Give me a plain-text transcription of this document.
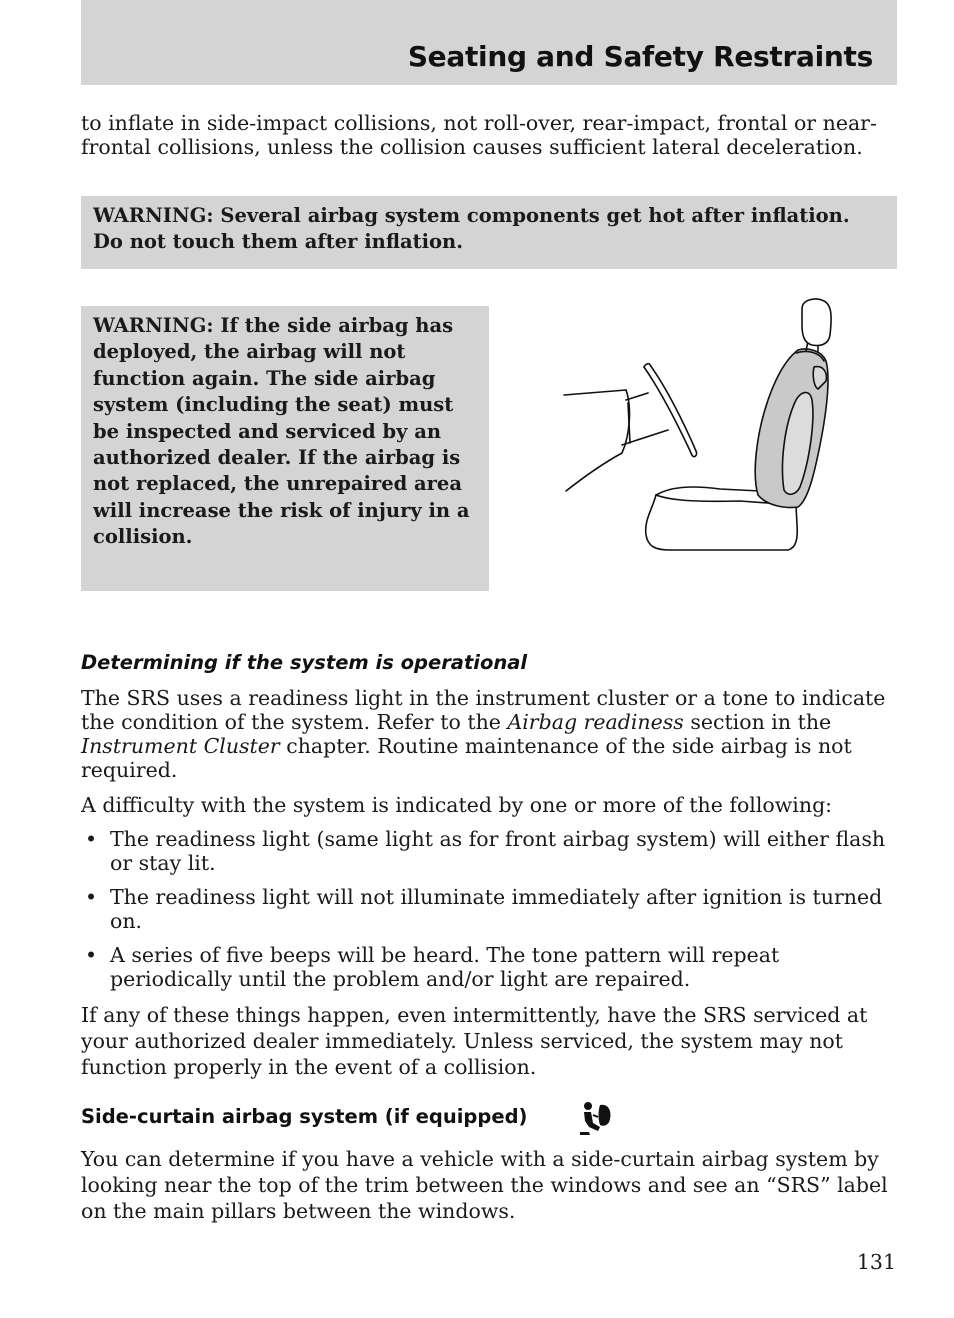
Seating and Safety Restraints

to inflate in side-impact collisions, not roll-over, rear-impact, frontal or near-frontal collisions, unless the collision causes sufficient lateral deceleration.

WARNING: Several airbag system components get hot after inflation. Do not touch them after inflation.
WARNING: If the side airbag has deployed, the airbag will not function again. The side airbag system (including the seat) must be inspected and serviced by an authorized dealer. If the airbag is not replaced, the unrepaired area will increase the risk of injury in a collision.
Determining if the system is operational

The SRS uses a readiness light in the instrument cluster or a tone to indicate the condition of the system. Refer to the Airbag readiness section in the Instrument Cluster chapter. Routine maintenance of the side airbag is not required.

A difficulty with the system is indicated by one or more of the following:

• The readiness light (same light as for front airbag system) will either flash or stay lit.
• The readiness light will not illuminate immediately after ignition is turned on.
• A series of five beeps will be heard. The tone pattern will repeat periodically until the problem and/or light are repaired.

If any of these things happen, even intermittently, have the SRS serviced at your authorized dealer immediately. Unless serviced, the system may not function properly in the event of a collision.

Side-curtain airbag system (if equipped)

You can determine if you have a vehicle with a side-curtain airbag system by looking near the top of the trim between the windows and see an “SRS” label on the main pillars between the windows.

131
